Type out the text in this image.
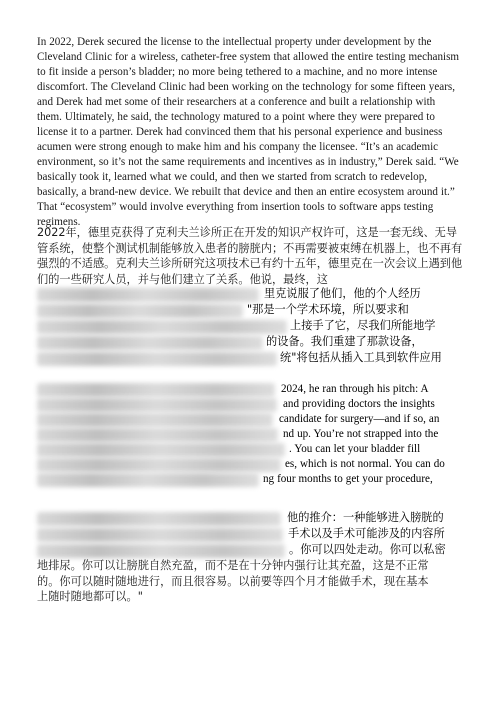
In 2022, Derek secured the license to the intellectual property under development by the Cleveland Clinic for a wireless, catheter-free system that allowed the entire testing mechanism to fit inside a person’s bladder; no more being tethered to a machine, and no more intense discomfort. The Cleveland Clinic had been working on the technology for some fifteen years, and Derek had met some of their researchers at a conference and built a relationship with them. Ultimately, he said, the technology matured to a point where they were prepared to license it to a partner. Derek had convinced them that his personal experience and business acumen were strong enough to make him and his company the licensee. “It’s an academic environment, so it’s not the same requirements and incentives as in industry,” Derek said. “We basically took it, learned what we could, and then we started from scratch to redevelop, basically, a brand-new device. We rebuilt that device and then an entire ecosystem around it.” That “ecosystem” would involve everything from insertion tools to software apps testing regimens.

2022年，德里克获得了克利夫兰诊所正在开发的知识产权许可，这是一套无线、无导管系统，使整个测试机制能够放入患者的膀胱内；不再需要被束缚在机器上，也不再有强烈的不适感。克利夫兰诊所研究这项技术已有约十五年，德里克在一次会议上遇到他们的一些研究人员，并与他们建立了关系。他说，最终，这

里克说服了他们，他的个人经历
"那是一个学术环境，所以要求和
上接手了它，尽我们所能地学
的设备。我们重建了那款设备，
统"将包括从插入工具到软件应用
2024, he ran through his pitch: A
and providing doctors the insights
candidate for surgery—and if so, an
nd up. You’re not strapped into the
. You can let your bladder fill
es, which is not normal. You can do
ng four months to get your procedure,
他的推介：一种能够进入膀胱的
手术以及手术可能涉及的内容所
。你可以四处走动。你可以私密
地排尿。你可以让膀胱自然充盈，而不是在十分钟内强行让其充盈，这是不正常
的。你可以随时随地进行，而且很容易。以前要等四个月才能做手术，现在基本
上随时随地都可以。"
